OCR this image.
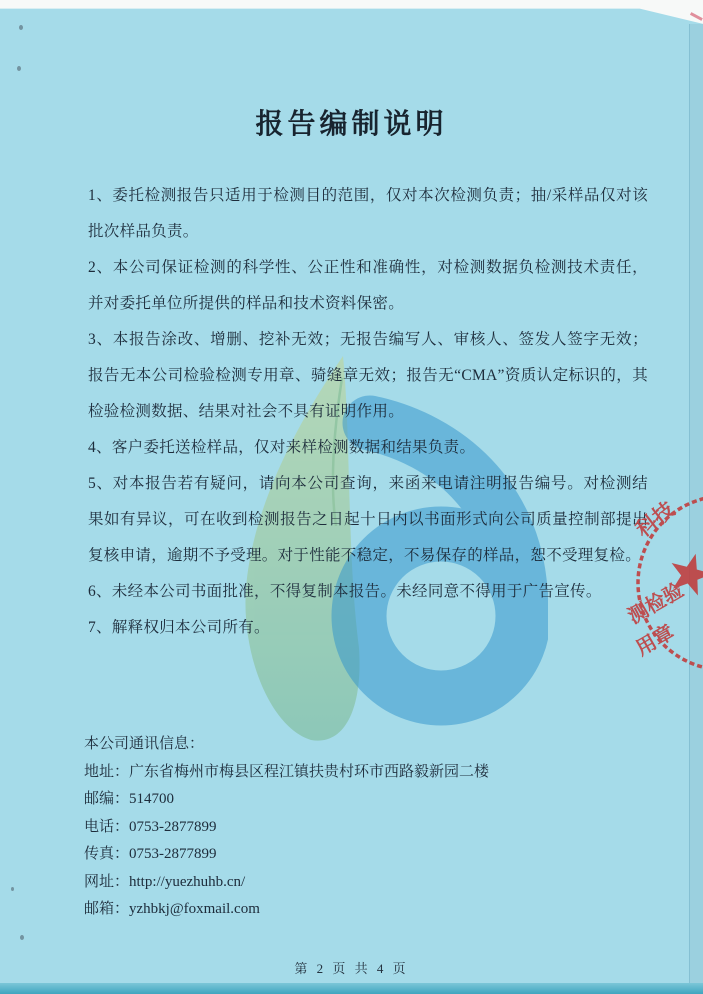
报告编制说明

1、委托检测报告只适用于检测目的范围，仅对本次检测负责；抽/采样品仅对该批次样品负责。

2、本公司保证检测的科学性、公正性和准确性，对检测数据负检测技术责任，并对委托单位所提供的样品和技术资料保密。

3、本报告涂改、增删、挖补无效；无报告编写人、审核人、签发人签字无效；报告无本公司检验检测专用章、骑缝章无效；报告无“CMA”资质认定标识的，其检验检测数据、结果对社会不具有证明作用。

4、客户委托送检样品，仅对来样检测数据和结果负责。

5、对本报告若有疑问，请向本公司查询，来函来电请注明报告编号。对检测结果如有异议，可在收到检测报告之日起十日内以书面形式向公司质量控制部提出复核申请，逾期不予受理。对于性能不稳定，不易保存的样品，恕不受理复检。

6、未经本公司书面批准，不得复制本报告。未经同意不得用于广告宣传。

7、解释权归本公司所有。

本公司通讯信息：
地址：广东省梅州市梅县区程江镇扶贵村环市西路毅新园二楼
邮编：514700
电话：0753-2877899
传真：0753-2877899
网址：http://yuezhuhb.cn/
邮箱：yzhbkj@foxmail.com
第 2 页 共 4 页
科技
测检验
用章
